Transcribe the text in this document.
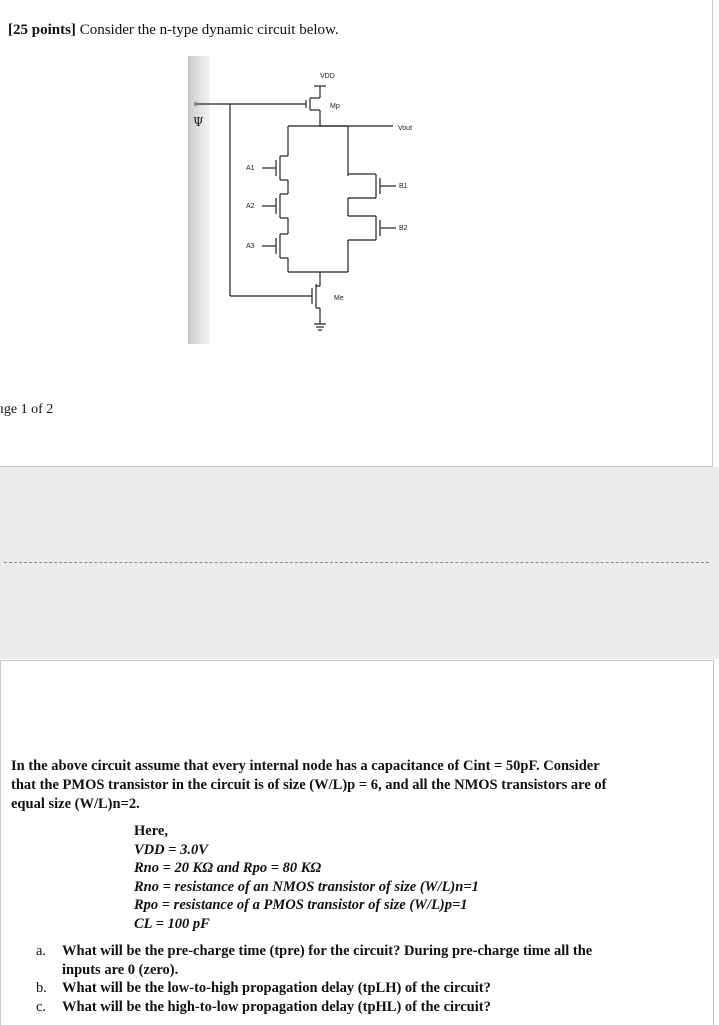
[25 points] Consider the n-type dynamic circuit below.
VDD
Mp
Vout
A1
A2
A3
B1
B2
Me
Ψ
ıge 1 of 2
In the above circuit assume that every internal node has a capacitance of Cint = 50pF. Consider that the PMOS transistor in the circuit is of size (W/L)p = 6, and all the NMOS transistors are of equal size (W/L)n=2.
Here,
VDD = 3.0V
Rno = 20 KΩ and Rpo = 80 KΩ
Rno = resistance of an NMOS transistor of size (W/L)n=1
Rpo = resistance of a PMOS transistor of size (W/L)p=1
CL = 100 pF
a.	What will be the pre-charge time (tpre) for the circuit? During pre-charge time all the inputs are 0 (zero).
b.	What will be the low-to-high propagation delay (tpLH) of the circuit?
c.	What will be the high-to-low propagation delay (tpHL) of the circuit?
